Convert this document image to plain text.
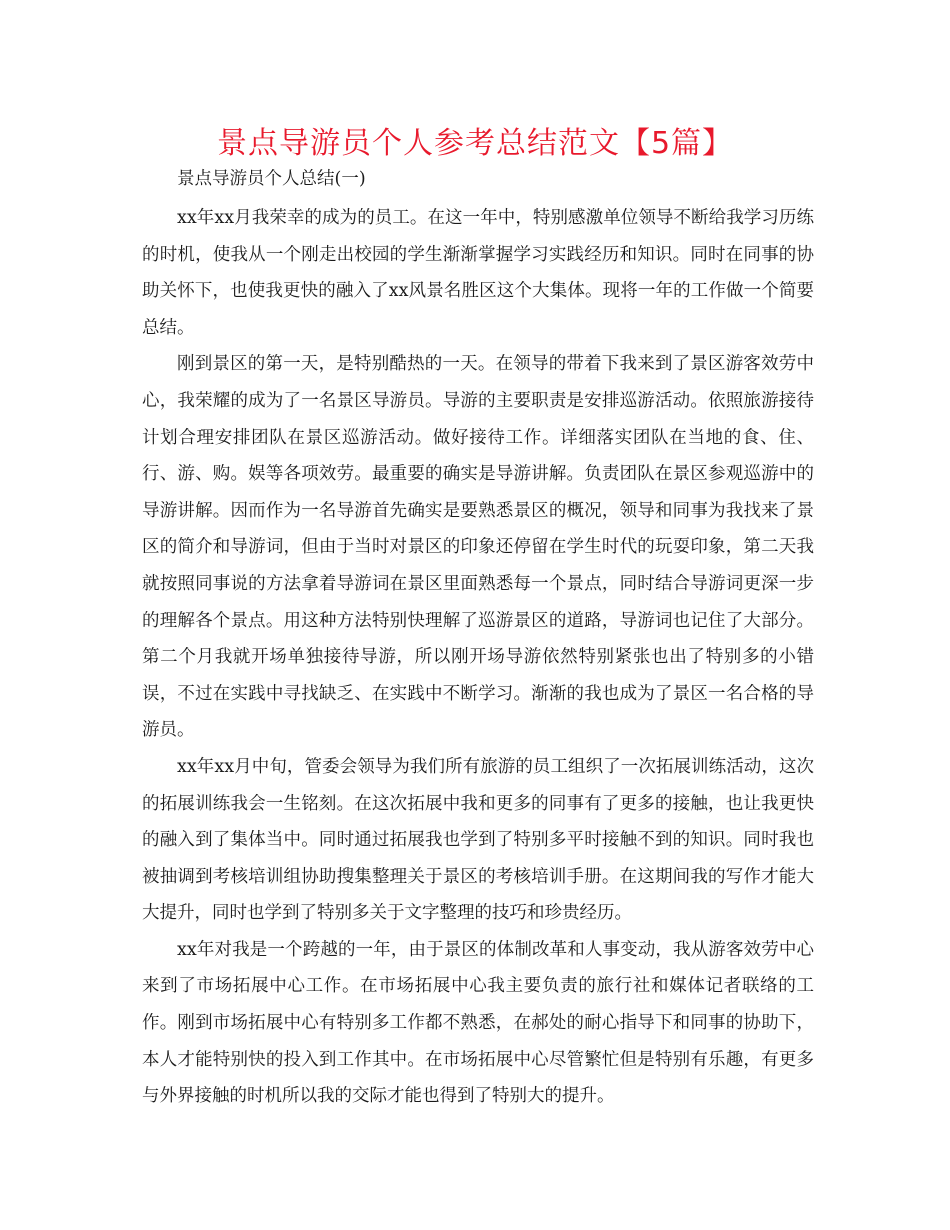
景点导游员个人参考总结范文【5篇】

景点导游员个人总结(一)

xx年xx月我荣幸的成为的员工。在这一年中，特别感激单位领导不断给我学习历练的时机，使我从一个刚走出校园的学生渐渐掌握学习实践经历和知识。同时在同事的协助关怀下，也使我更快的融入了xx风景名胜区这个大集体。现将一年的工作做一个简要总结。

刚到景区的第一天，是特别酷热的一天。在领导的带着下我来到了景区游客效劳中心，我荣耀的成为了一名景区导游员。导游的主要职责是安排巡游活动。依照旅游接待计划合理安排团队在景区巡游活动。做好接待工作。详细落实团队在当地的食、住、行、游、购。娱等各项效劳。最重要的确实是导游讲解。负责团队在景区参观巡游中的导游讲解。因而作为一名导游首先确实是要熟悉景区的概况，领导和同事为我找来了景区的简介和导游词，但由于当时对景区的印象还停留在学生时代的玩耍印象，第二天我就按照同事说的方法拿着导游词在景区里面熟悉每一个景点，同时结合导游词更深一步的理解各个景点。用这种方法特别快理解了巡游景区的道路，导游词也记住了大部分。第二个月我就开场单独接待导游，所以刚开场导游依然特别紧张也出了特别多的小错误，不过在实践中寻找缺乏、在实践中不断学习。渐渐的我也成为了景区一名合格的导游员。

xx年xx月中旬，管委会领导为我们所有旅游的员工组织了一次拓展训练活动，这次的拓展训练我会一生铭刻。在这次拓展中我和更多的同事有了更多的接触，也让我更快的融入到了集体当中。同时通过拓展我也学到了特别多平时接触不到的知识。同时我也被抽调到考核培训组协助搜集整理关于景区的考核培训手册。在这期间我的写作才能大大提升，同时也学到了特别多关于文字整理的技巧和珍贵经历。

xx年对我是一个跨越的一年，由于景区的体制改革和人事变动，我从游客效劳中心来到了市场拓展中心工作。在市场拓展中心我主要负责的旅行社和媒体记者联络的工作。刚到市场拓展中心有特别多工作都不熟悉，在郝处的耐心指导下和同事的协助下，本人才能特别快的投入到工作其中。在市场拓展中心尽管繁忙但是特别有乐趣，有更多与外界接触的时机所以我的交际才能也得到了特别大的提升。
